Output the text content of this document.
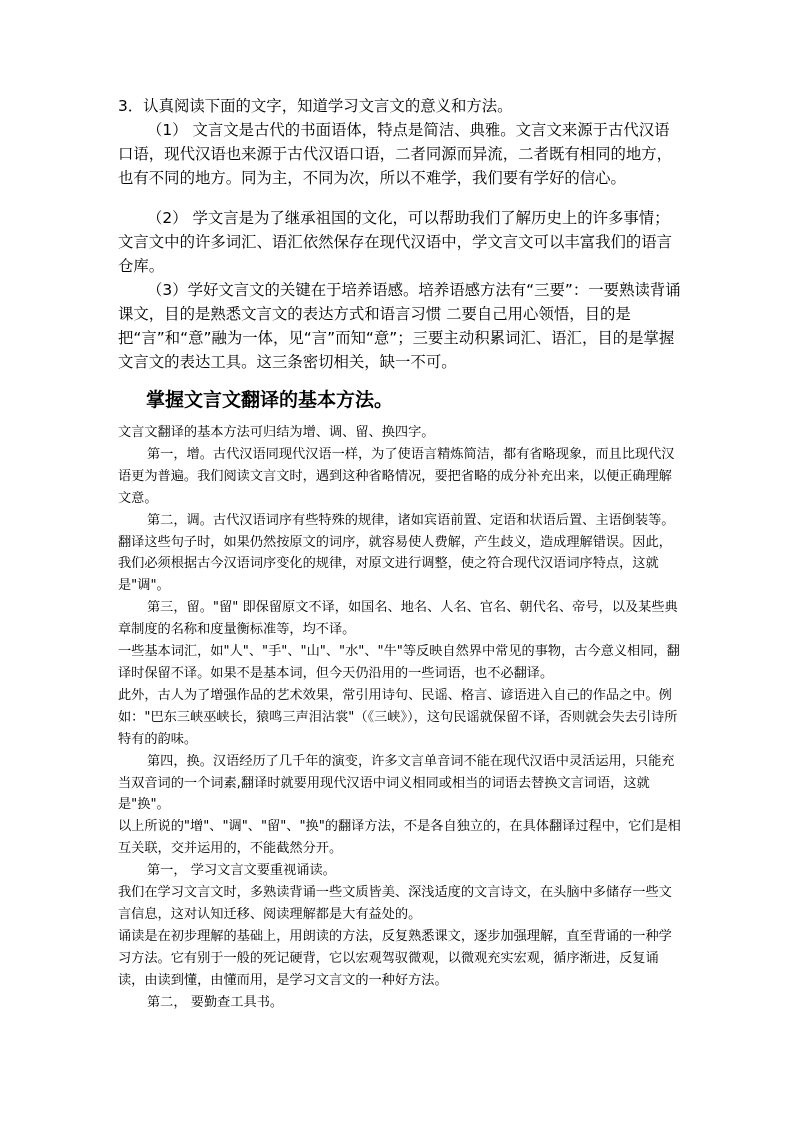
3．认真阅读下面的文字，知道学习文言文的意义和方法。

（1） 文言文是古代的书面语体，特点是简洁、典雅。文言文来源于古代汉语口语，现代汉语也来源于古代汉语口语，二者同源而异流，二者既有相同的地方，也有不同的地方。同为主，不同为次，所以不难学，我们要有学好的信心。

（2） 学文言是为了继承祖国的文化，可以帮助我们了解历史上的许多事情；文言文中的许多词汇、语汇依然保存在现代汉语中，学文言文可以丰富我们的语言仓库。

（3）学好文言文的关键在于培养语感。培养语感方法有“三要”：一要熟读背诵课文，目的是熟悉文言文的表达方式和语言习惯 二要自己用心领悟，目的是把“言”和“意”融为一体，见“言”而知“意”；三要主动积累词汇、语汇，目的是掌握文言文的表达工具。这三条密切相关，缺一不可。

掌握文言文翻译的基本方法。

文言文翻译的基本方法可归结为增、调、留、换四字。

第一，增。古代汉语同现代汉语一样，为了使语言精炼简洁，都有省略现象，而且比现代汉语更为普遍。我们阅读文言文时，遇到这种省略情况，要把省略的成分补充出来，以便正确理解文意。

第二，调。古代汉语词序有些特殊的规律，诸如宾语前置、定语和状语后置、主语倒装等。翻译这些句子时，如果仍然按原文的词序，就容易使人费解，产生歧义，造成理解错误。因此，我们必须根据古今汉语词序变化的规律，对原文进行调整，使之符合现代汉语词序特点，这就是"调"。

第三，留。"留" 即保留原文不译，如国名、地名、人名、官名、朝代名、帝号，以及某些典章制度的名称和度量衡标准等，均不译。

一些基本词汇，如"人"、"手"、"山"、"水"、"牛"等反映自然界中常见的事物，古今意义相同，翻译时保留不译。如果不是基本词，但今天仍沿用的一些词语，也不必翻译。

此外，古人为了增强作品的艺术效果，常引用诗句、民谣、格言、谚语进入自己的作品之中。例如："巴东三峡巫峡长，猿鸣三声泪沾裳"（《三峡》），这句民谣就保留不译，否则就会失去引诗所特有的韵味。

第四，换。汉语经历了几千年的演变，许多文言单音词不能在现代汉语中灵活运用，只能充当双音词的一个词素,翻译时就要用现代汉语中词义相同或相当的词语去替换文言词语，这就是"换"。

以上所说的"增"、"调"、"留"、"换"的翻译方法，不是各自独立的，在具体翻译过程中，它们是相互关联，交并运用的，不能截然分开。

第一， 学习文言文要重视诵读。

我们在学习文言文时，多熟读背诵一些文质皆美、深浅适度的文言诗文，在头脑中多储存一些文言信息，这对认知迁移、阅读理解都是大有益处的。

诵读是在初步理解的基础上，用朗读的方法，反复熟悉课文，逐步加强理解，直至背诵的一种学习方法。它有别于一般的死记硬背，它以宏观驾驭微观，以微观充实宏观，循序渐进，反复诵读，由读到懂，由懂而用，是学习文言文的一种好方法。

第二， 要勤查工具书。
